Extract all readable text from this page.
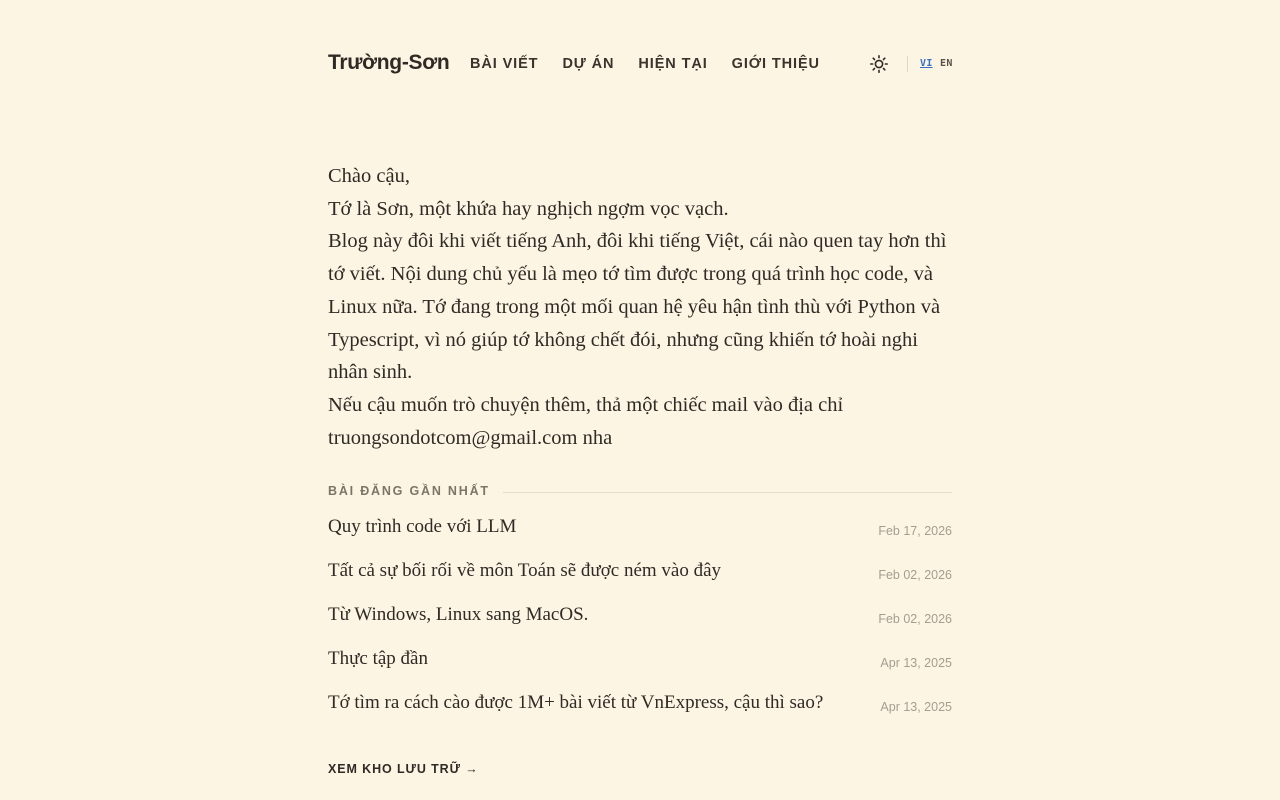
Trường-Sơn BÀI VIẾT DỰ ÁN HIỆN TẠI GIỚI THIỆU	VI EN

Chào cậu,

Tớ là Sơn, một khứa hay nghịch ngợm vọc vạch.

Blog này đôi khi viết tiếng Anh, đôi khi tiếng Việt, cái nào quen tay hơn thì tớ viết. Nội dung chủ yếu là mẹo tớ tìm được trong quá trình học code, và Linux nữa. Tớ đang trong một mối quan hệ yêu hận tình thù với Python và Typescript, vì nó giúp tớ không chết đói, nhưng cũng khiến tớ hoài nghi nhân sinh.

Nếu cậu muốn trò chuyện thêm, thả một chiếc mail vào địa chỉ truongsondotcom@gmail.com nha

BÀI ĐĂNG GẦN NHẤT
Quy trình code với LLM	Feb 17, 2026
Tất cả sự bối rối về môn Toán sẽ được ném vào đây	Feb 02, 2026
Từ Windows, Linux sang MacOS.	Feb 02, 2026
Thực tập đần	Apr 13, 2025
Tớ tìm ra cách cào được 1M+ bài viết từ VnExpress, cậu thì sao?	Apr 13, 2025
XEM KHO LƯU TRỮ →
